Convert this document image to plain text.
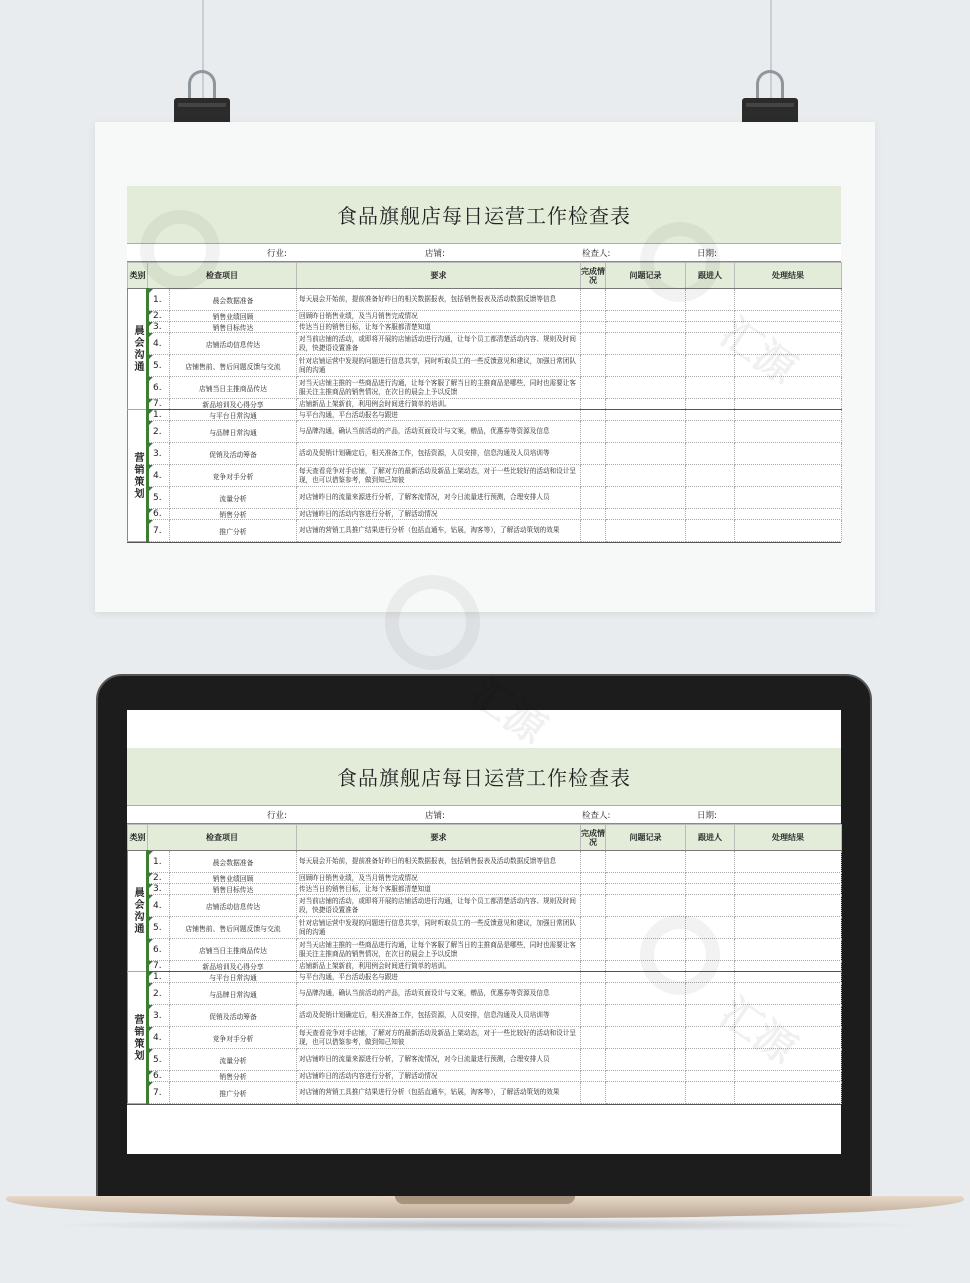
食品旗舰店每日运营工作检查表
行业:	店铺:	检查人:	日期:
类别	检查项目		要求	完成情况	问题记录	跟进人	处理结果
晨会沟通	1.	晨会数据准备	每天晨会开始前，提前准备好昨日的相关数据报表，包括销售报表及活动数据反馈等信息				
	2.	销售业绩回顾	回顾昨日销售业绩，及当月销售完成情况				
	3.	销售目标传达	传达当日的销售目标，让每个客服都清楚知道				
	4.	店铺活动信息传达	对当前店铺的活动，或即将开展的店铺活动进行沟通，让每个员工都清楚活动内容、规则及时间段，快捷语设置准备				
	5.	店铺售前、售后问题反馈与交流	针对店铺运营中发现的问题进行信息共享，同时听取员工的一些反馈意见和建议，加强日常团队间的沟通				
	6.	店铺当日主推商品传达	对当天店铺主推的一些商品进行沟通，让每个客服了解当日的主推商品是哪些，同时也需要让客服关注主推商品的销售情况，在次日的晨会上予以反馈				
	7.	新品培训及心得分享	店铺新品上架新前，利用例会时间进行简单的培训。				
营销策划	1.	与平台日常沟通	与平台沟通，平台活动报名与跟进				
	2.	与品牌日常沟通	与品牌沟通，确认当前活动的产品，活动页面设计与文案，赠品，优惠券等资源及信息				
	3.	促销及活动筹备	活动及促销计划确定后，相关准备工作，包括资源，人员安排，信息沟通及人员培训等				
	4.	竞争对手分析	每天查看竞争对手店铺，了解对方的最新活动及新品上架动态，对于一些比较好的活动和设计呈现，也可以借鉴参考，做到知己知彼				
	5.	流量分析	对店铺昨日的流量来源进行分析，了解客流情况，对今日流量进行预测，合理安排人员				
	6.	销售分析	对店铺昨日的活动内容进行分析，了解活动情况				
	7.	推广分析	对店铺的营销工具推广结果进行分析（包括直通车，钻展，淘客等），了解活动策划的效果				
食品旗舰店每日运营工作检查表
行业:	店铺:	检查人:	日期:
类别	检查项目		要求	完成情况	问题记录	跟进人	处理结果
晨会沟通	1.	晨会数据准备	每天晨会开始前，提前准备好昨日的相关数据报表，包括销售报表及活动数据反馈等信息				
	2.	销售业绩回顾	回顾昨日销售业绩，及当月销售完成情况				
	3.	销售目标传达	传达当日的销售目标，让每个客服都清楚知道				
	4.	店铺活动信息传达	对当前店铺的活动，或即将开展的店铺活动进行沟通，让每个员工都清楚活动内容、规则及时间段，快捷语设置准备				
	5.	店铺售前、售后问题反馈与交流	针对店铺运营中发现的问题进行信息共享，同时听取员工的一些反馈意见和建议，加强日常团队间的沟通				
	6.	店铺当日主推商品传达	对当天店铺主推的一些商品进行沟通，让每个客服了解当日的主推商品是哪些，同时也需要让客服关注主推商品的销售情况，在次日的晨会上予以反馈				
	7.	新品培训及心得分享	店铺新品上架新前，利用例会时间进行简单的培训。				
营销策划	1.	与平台日常沟通	与平台沟通，平台活动报名与跟进				
	2.	与品牌日常沟通	与品牌沟通，确认当前活动的产品，活动页面设计与文案，赠品，优惠券等资源及信息				
	3.	促销及活动筹备	活动及促销计划确定后，相关准备工作，包括资源，人员安排，信息沟通及人员培训等				
	4.	竞争对手分析	每天查看竞争对手店铺，了解对方的最新活动及新品上架动态，对于一些比较好的活动和设计呈现，也可以借鉴参考，做到知己知彼				
	5.	流量分析	对店铺昨日的流量来源进行分析，了解客流情况，对今日流量进行预测，合理安排人员				
	6.	销售分析	对店铺昨日的活动内容进行分析，了解活动情况				
	7.	推广分析	对店铺的营销工具推广结果进行分析（包括直通车，钻展，淘客等），了解活动策划的效果				
